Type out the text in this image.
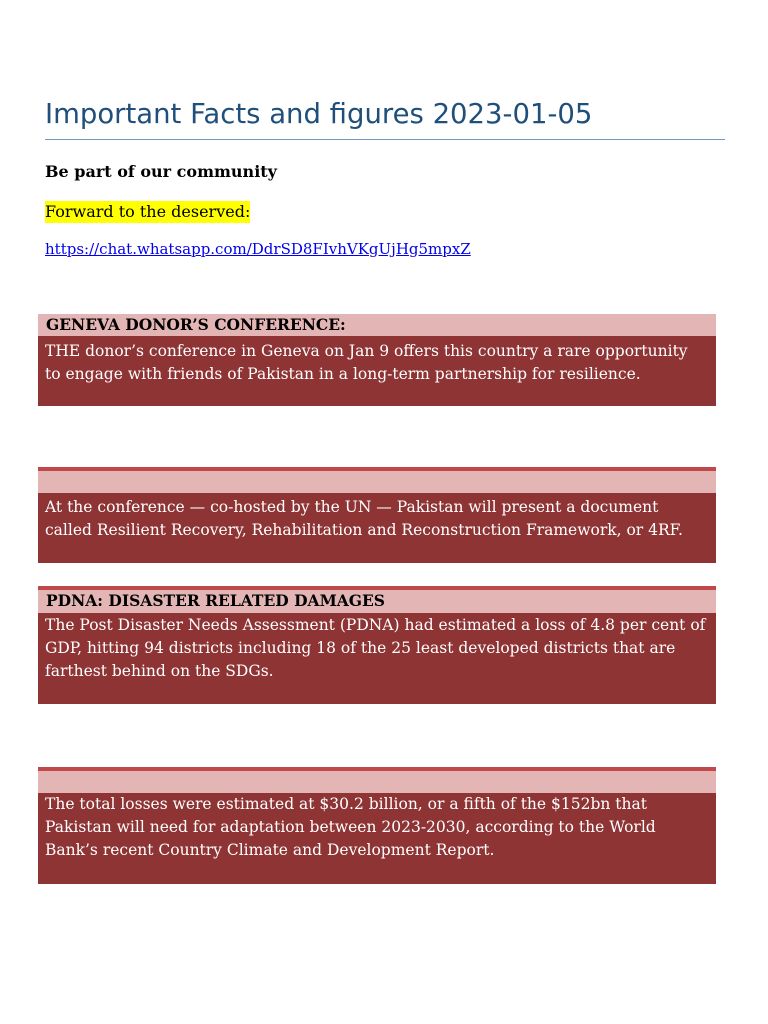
Important Facts and figures 2023-01-05
Be part of our community
Forward to the deserved:
https://chat.whatsapp.com/DdrSD8FIvhVKgUjHg5mpxZ
GENEVA DONOR’S CONFERENCE:
THE donor’s conference in Geneva on Jan 9 offers this country a rare opportunity to engage with friends of Pakistan in a long-term partnership for resilience.
At the conference — co-hosted by the UN — Pakistan will present a document called Resilient Recovery, Rehabilitation and Reconstruction Framework, or 4RF.
PDNA: DISASTER RELATED DAMAGES
The Post Disaster Needs Assessment (PDNA) had estimated a loss of 4.8 per cent of GDP, hitting 94 districts including 18 of the 25 least developed districts that are farthest behind on the SDGs.
The total losses were estimated at $30.2 billion, or a fifth of the $152bn that Pakistan will need for adaptation between 2023-2030, according to the World Bank’s recent Country Climate and Development Report.
